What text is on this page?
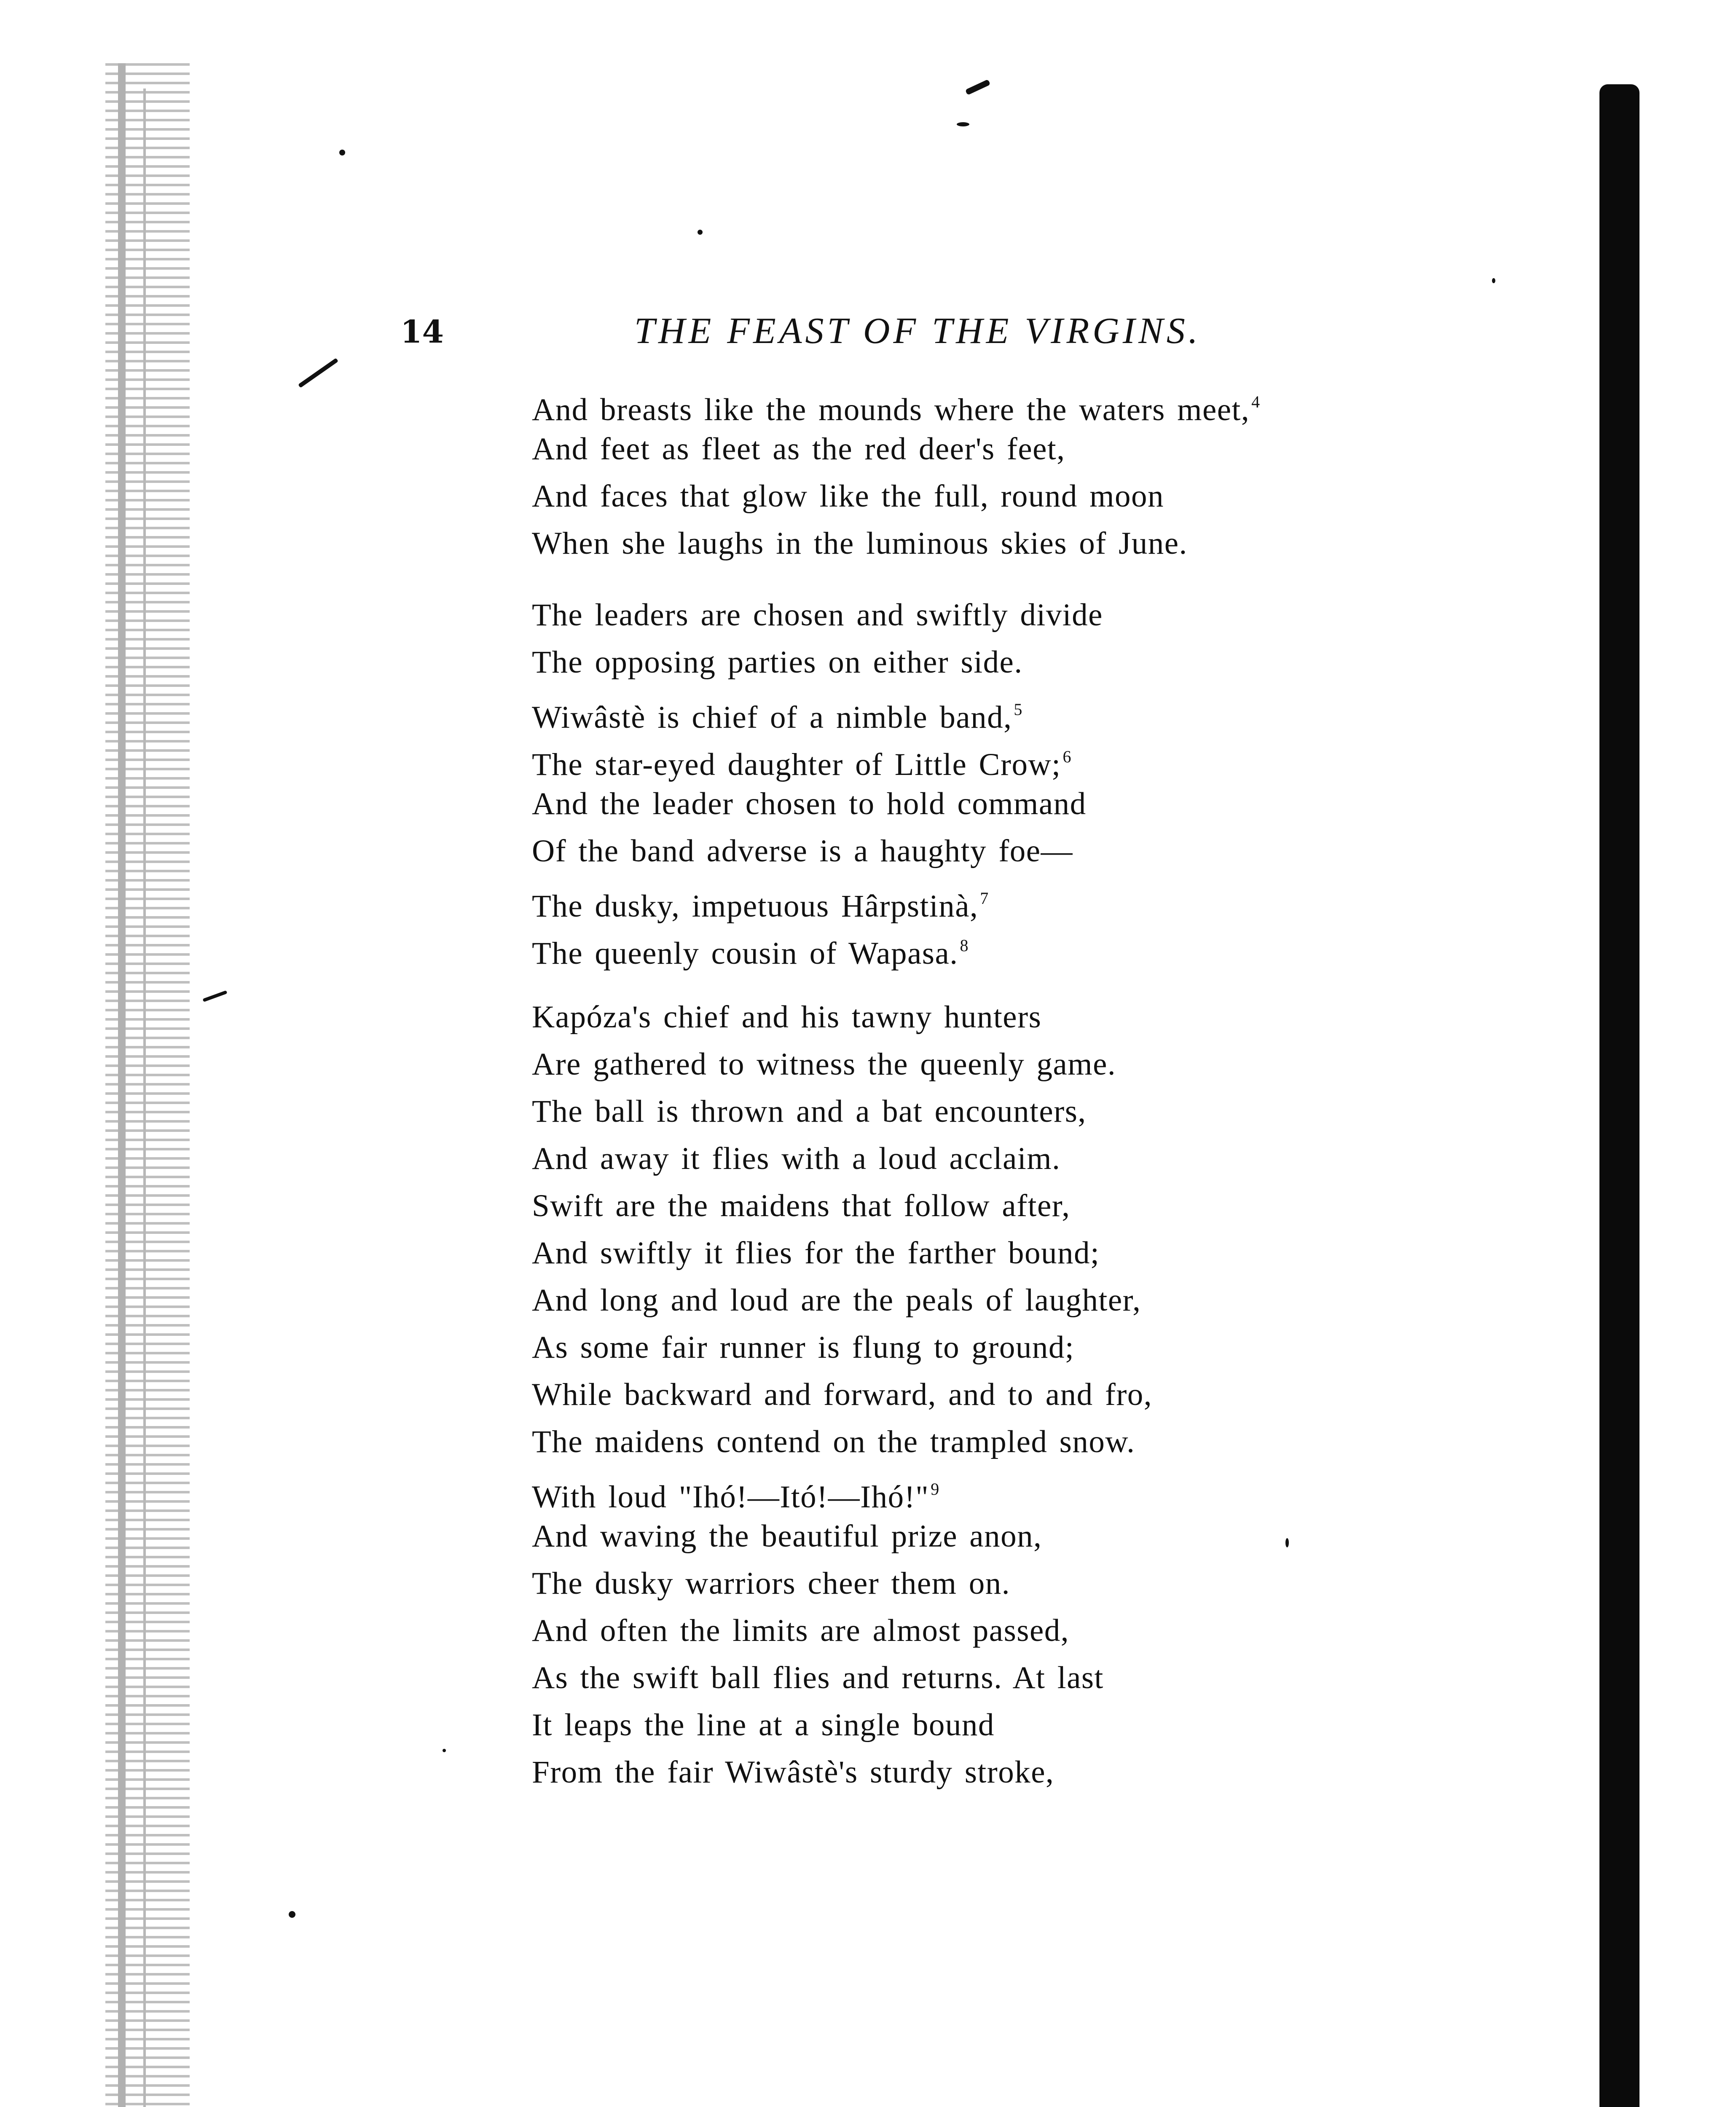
14	THE FEAST OF THE VIRGINS.
And breasts like the mounds where the waters meet, $^4$
And feet as fleet as the red deer's feet,
And faces that glow like the full, round moon
When she laughs in the luminous skies of June.
The leaders are chosen and swiftly divide
The opposing parties on either side.
Wiwâstè is chief of a nimble band, $^5$
The star-eyed daughter of Little Crow; $^6$
And the leader chosen to hold command
Of the band adverse is a haughty foe—
The dusky, impetuous Hârpstinà, $^7$
The queenly cousin of Wapasa. $^8$
Kapóza's chief and his tawny hunters
Are gathered to witness the queenly game.
The ball is thrown and a bat encounters,
And away it flies with a loud acclaim.
Swift are the maidens that follow after,
And swiftly it flies for the farther bound;
And long and loud are the peals of laughter,
As some fair runner is flung to ground;
While backward and forward, and to and fro,
The maidens contend on the trampled snow.
With loud "Ihó!—Itó!—Ihó!" $^9$
And waving the beautiful prize anon,
The dusky warriors cheer them on.
And often the limits are almost passed,
As the swift ball flies and returns. At last
It leaps the line at a single bound
From the fair Wiwâstè's sturdy stroke,
